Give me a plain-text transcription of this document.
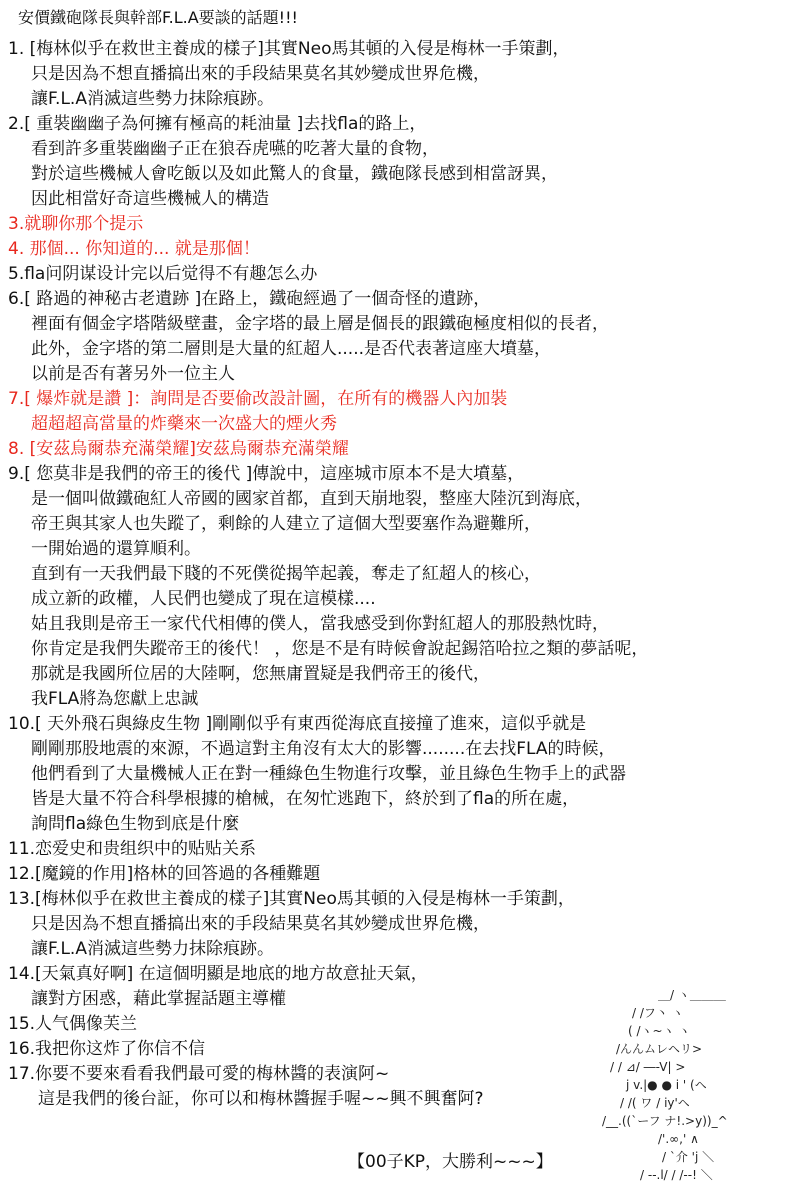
安價鐵砲隊長與幹部F.L.A要談的話題!!!
1. [梅林似乎在救世主養成的樣子]其實Neo馬其頓的入侵是梅林一手策劃，
只是因為不想直播搞出來的手段結果莫名其妙變成世界危機，
讓F.L.A消滅這些勢力抹除痕跡。
2.[ 重裝幽幽子為何擁有極高的耗油量 ]去找fla的路上，
看到許多重裝幽幽子正在狼吞虎嚥的吃著大量的食物，
對於這些機械人會吃飯以及如此驚人的食量，鐵砲隊長感到相當訝異，
因此相當好奇這些機械人的構造
3.就聊你那个提示
4. 那個... 你知道的... 就是那個！
5.fla问阴谋设计完以后觉得不有趣怎么办
6.[ 路過的神秘古老遺跡 ]在路上，鐵砲經過了一個奇怪的遺跡，
裡面有個金字塔階級壁畫，金字塔的最上層是個長的跟鐵砲極度相似的長者，
此外，金字塔的第二層則是大量的紅超人.....是否代表著這座大墳墓，
以前是否有著另外一位主人
7.[ 爆炸就是讚 ]：詢問是否要偷改設計圖，在所有的機器人內加裝
超超超高當量的炸藥來一次盛大的煙火秀
8. [安茲烏爾恭充滿榮耀]安茲烏爾恭充滿榮耀
9.[ 您莫非是我們的帝王的後代 ]傳說中，這座城市原本不是大墳墓，
是一個叫做鐵砲紅人帝國的國家首都，直到天崩地裂，整座大陸沉到海底，
帝王與其家人也失蹤了，剩餘的人建立了這個大型要塞作為避難所，
一開始過的還算順利。
直到有一天我們最下賤的不死僕從揭竿起義，奪走了紅超人的核心，
成立新的政權，人民們也變成了現在這模樣....
姑且我則是帝王一家代代相傳的僕人，當我感受到你對紅超人的那股熱忱時，
你肯定是我們失蹤帝王的後代！ ，您是不是有時候會說起錫箔哈拉之類的夢話呢，
那就是我國所位居的大陸啊，您無庸置疑是我們帝王的後代，
我FLA將為您獻上忠誠
10.[ 天外飛石與綠皮生物 ]剛剛似乎有東西從海底直接撞了進來，這似乎就是
剛剛那股地震的來源，不過這對主角沒有太大的影響........在去找FLA的時候，
他們看到了大量機械人正在對一種綠色生物進行攻擊，並且綠色生物手上的武器
皆是大量不符合科學根據的槍械，在匆忙逃跑下，終於到了fla的所在處，
詢問fla綠色生物到底是什麼
11.恋爱史和贵组织中的贴贴关系
12.[魔鏡的作用]格林的回答過的各種難題
13.[梅林似乎在救世主養成的樣子]其實Neo馬其頓的入侵是梅林一手策劃，
只是因為不想直播搞出來的手段結果莫名其妙變成世界危機，
讓F.L.A消滅這些勢力抹除痕跡。
14.[天氣真好啊] 在這個明顯是地底的地方故意扯天氣，
讓對方困惑，藉此掌握話題主導權
15.人气偶像芙兰
16.我把你这炸了你信不信
17.你要不要來看看我們最可愛的梅林醬的表演阿~
這是我們的後台証，你可以和梅林醬握手喔~~興不興奮阿?
＿/ ヽ＿＿＿
/ /フ丶 ヽ
( /ヽ~ヽ ヽ
/んんムレヘリ>
/ / ⊿/ ―-V| >
j v.|● ● i ' (ヘ
/ /( ワ / iy'ヘ
/__.((`ーフ ナ!.>y))_^
/'.∞,' ∧
/ `介 'j ＼
/ --.l/ / /--! ＼
【00子KP，大勝利~~~】
